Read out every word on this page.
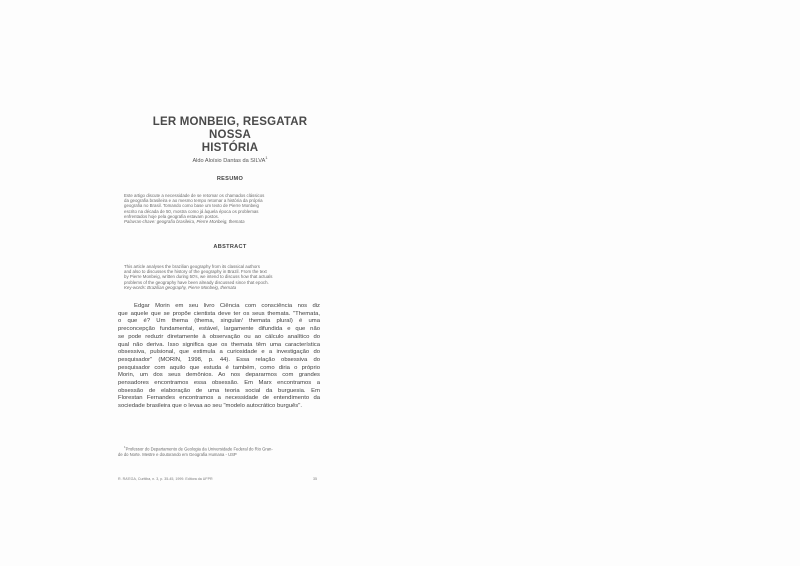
LER MONBEIG, RESGATAR NOSSA
HISTÓRIA
Aldo Aloísio Dantas da SILVA$^1$
RESUMO
Este artigo discute a necessidade de se retomar os chamados clássicos
da geografia brasileira e ao mesmo tempo retomar a história da própria
geografia no Brasil. Tomando como base um texto de Pierre Monbeig
escrito na década de 50, mostra como já àquela época os problemas
enfrentados hoje pela geografia estavam postos.
Palavras-chave: geografia brasileira, Pierre Monbeig, themata
ABSTRACT
This article analyses the brazilian geography from its classical authors
and also to discusses the history of the geography in Brazil. From the text
by Pierre Monbeig, written during 50's, we intend to discuss how that actuals
problems of the geography have been already discussed since that epoch.
Key-words: Brazilian geography, Pierre Monbeig, themata
Edgar Morin em seu livro Ciência com consciência nos diz
que aquele que se propõe cientista deve ter os seus themata. "Themata,
o que é? Um thema (thema, singular/ themata plural) é uma
preconcepção fundamental, estável, largamente difundida e que não
se pode reduzir diretamente à observação ou ao cálculo analítico do
qual não deriva. Isso significa que os themata têm uma característica
obsessiva, pulsional, que estimula a curiosidade e a investigação do
pesquisador" (MORIN, 1998, p. 44). Essa relação obsessiva do
pesquisador com aquilo que estuda é também, como diria o próprio
Morin, um dos seus demônios. Ao nos depararmos com grandes
pensadores encontramos essa obsessão. Em Marx encontramos a
obsessão de elaboração de uma teoria social da burguesia. Em
Florestan Fernandes encontramos a necessidade de entendimento da
sociedade brasileira que o levaa ao seu "modelo autocrático burguês".
$^1$Professor do Departamento de Geologia da Universidade Federal do Rio Gran-
de do Norte. Mestre e doutorando em Geografia Humana - USP
R. RA'EGA, Curitiba, n. 3, p. 35-45, 1999. Editora da UFPR	35
